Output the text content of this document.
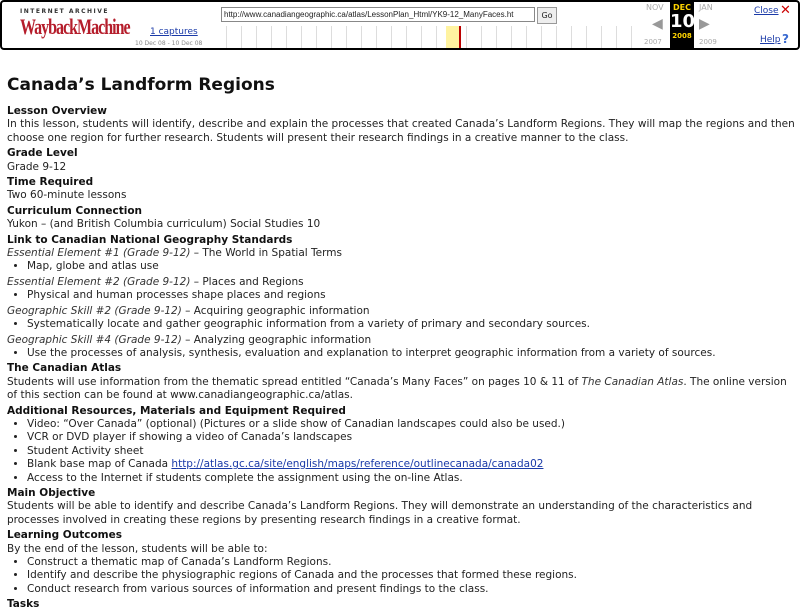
INTERNET ARCHIVE
WaybackMachine 1 captures
10 Dec 08 - 10 Dec 08
http://www.canadiangeographic.ca/atlas/LessonPlan_Html/YK9-12_ManyFaces.ht	Go
NOV
◀
2007
DEC
10
2008
JAN
▶
2009
Close ✕
Help ?
Canada’s Landform Regions
Lesson Overview

In this lesson, students will identify, describe and explain the processes that created Canada’s Landform Regions. They will map the regions and then choose one region for further research. Students will present their research findings in a creative manner to the class.

Grade Level

Grade 9-12

Time Required

Two 60-minute lessons

Curriculum Connection

Yukon – (and British Columbia curriculum) Social Studies 10

Link to Canadian National Geography Standards

Essential Element #1 (Grade 9-12) – The World in Spatial Terms

• Map, globe and atlas use

Essential Element #2 (Grade 9-12) – Places and Regions

• Physical and human processes shape places and regions

Geographic Skill #2 (Grade 9-12) – Acquiring geographic information

• Systematically locate and gather geographic information from a variety of primary and secondary sources.

Geographic Skill #4 (Grade 9-12) – Analyzing geographic information

• Use the processes of analysis, synthesis, evaluation and explanation to interpret geographic information from a variety of sources.
The Canadian Atlas

Students will use information from the thematic spread entitled “Canada’s Many Faces” on pages 10 & 11 of The Canadian Atlas. The online version of this section can be found at www.canadiangeographic.ca/atlas.

Additional Resources, Materials and Equipment Required
• Video: “Over Canada” (optional) (Pictures or a slide show of Canadian landscapes could also be used.)
• VCR or DVD player if showing a video of Canada’s landscapes
• Student Activity sheet
• Blank base map of Canada http://atlas.gc.ca/site/english/maps/reference/outlinecanada/canada02
• Access to the Internet if students complete the assignment using the on-line Atlas.
Main Objective

Students will be able to identify and describe Canada’s Landform Regions. They will demonstrate an understanding of the characteristics and processes involved in creating these regions by presenting research findings in a creative format.

Learning Outcomes

By the end of the lesson, students will be able to:

• Construct a thematic map of Canada’s Landform Regions.
• Identify and describe the physiographic regions of Canada and the processes that formed these regions.
• Conduct research from various sources of information and present findings to the class.
Tasks
